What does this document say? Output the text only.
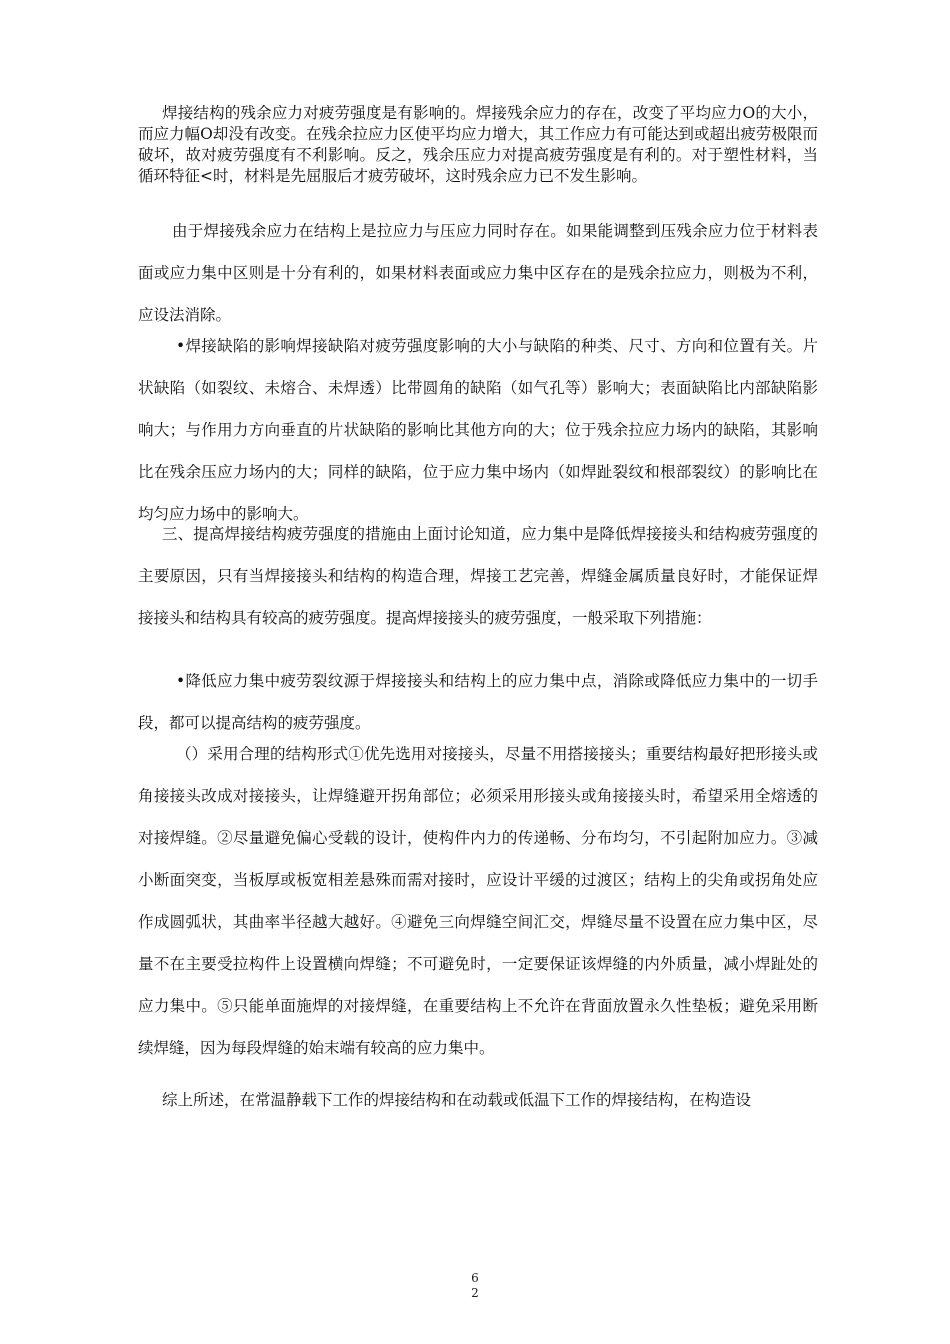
焊接结构的残余应力对疲劳强度是有影响的。焊接残余应力的存在，改变了平均应力Ο的大小，而应力幅Ο却没有改变。在残余拉应力区使平均应力增大，其工作应力有可能达到或超出疲劳极限而破坏，故对疲劳强度有不利影响。反之，残余压应力对提高疲劳强度是有利的。对于塑性材料，当循环特征<时，材料是先屈服后才疲劳破坏，这时残余应力已不发生影响。

由于焊接残余应力在结构上是拉应力与压应力同时存在。如果能调整到压残余应力位于材料表面或应力集中区则是十分有利的，如果材料表面或应力集中区存在的是残余拉应力，则极为不利，应设法消除。

•焊接缺陷的影响焊接缺陷对疲劳强度影响的大小与缺陷的种类、尺寸、方向和位置有关。片状缺陷（如裂纹、未熔合、未焊透）比带圆角的缺陷（如气孔等）影响大；表面缺陷比内部缺陷影响大；与作用力方向垂直的片状缺陷的影响比其他方向的大；位于残余拉应力场内的缺陷，其影响比在残余压应力场内的大；同样的缺陷，位于应力集中场内（如焊趾裂纹和根部裂纹）的影响比在均匀应力场中的影响大。

三、提高焊接结构疲劳强度的措施由上面讨论知道，应力集中是降低焊接接头和结构疲劳强度的主要原因，只有当焊接接头和结构的构造合理，焊接工艺完善，焊缝金属质量良好时，才能保证焊接接头和结构具有较高的疲劳强度。提高焊接接头的疲劳强度，一般采取下列措施：

•降低应力集中疲劳裂纹源于焊接接头和结构上的应力集中点，消除或降低应力集中的一切手段，都可以提高结构的疲劳强度。

（）采用合理的结构形式①优先选用对接接头，尽量不用搭接接头；重要结构最好把形接头或角接接头改成对接接头，让焊缝避开拐角部位；必须采用形接头或角接接头时，希望采用全熔透的对接焊缝。②尽量避免偏心受载的设计，使构件内力的传递畅、分布均匀，不引起附加应力。③减小断面突变，当板厚或板宽相差悬殊而需对接时，应设计平缓的过渡区；结构上的尖角或拐角处应作成圆弧状，其曲率半径越大越好。④避免三向焊缝空间汇交，焊缝尽量不设置在应力集中区，尽量不在主要受拉构件上设置横向焊缝；不可避免时，一定要保证该焊缝的内外质量，减小焊趾处的应力集中。⑤只能单面施焊的对接焊缝，在重要结构上不允许在背面放置永久性垫板；避免采用断续焊缝，因为每段焊缝的始末端有较高的应力集中。

综上所述，在常温静载下工作的焊接结构和在动载或低温下工作的焊接结构，在构造设

6
2
